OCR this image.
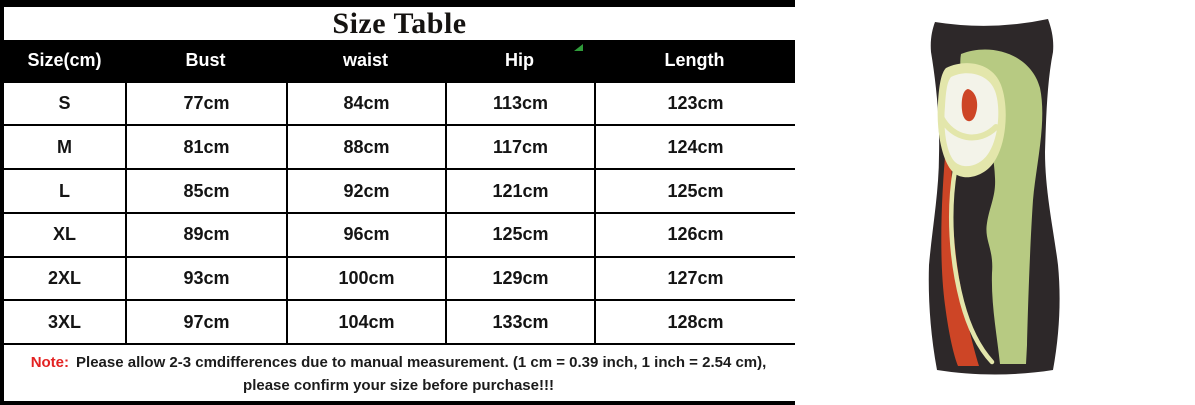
Size Table
Size(cm)	Bust	waist	Hip	Length
S	77cm	84cm	113cm	123cm
M	81cm	88cm	117cm	124cm
L	85cm	92cm	121cm	125cm
XL	89cm	96cm	125cm	126cm
2XL	93cm	100cm	129cm	127cm
3XL	97cm	104cm	133cm	128cm
Note: Please allow 2-3 cmdifferences due to manual measurement. (1 cm = 0.39 inch, 1 inch = 2.54 cm), please confirm your size before purchase!!!
